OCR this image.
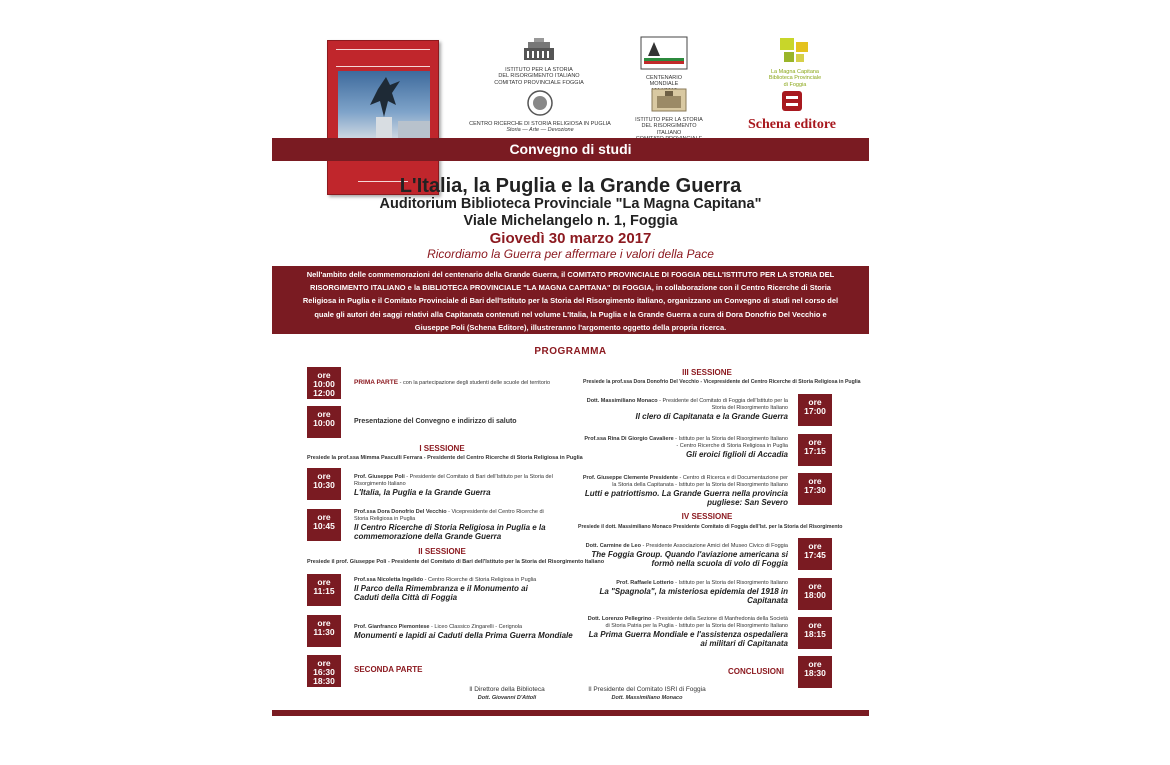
ISTITUTO PER LA STORIA
DEL RISORGIMENTO ITALIANO
COMITATO PROVINCIALE FOGGIA
CENTRO RICERCHE DI STORIA RELIGIOSA IN PUGLIA
Storia — Arte — Devozione
CENTENARIO
MONDIALE
ISTITUTO PER LA STORIA
DEL RISORGIMENTO ITALIANO
La Magna Capitana
Biblioteca Provinciale
di Foggia
Schena editore
Convegno di studi
L'Italia, la Puglia e la Grande Guerra
Auditorium Biblioteca Provinciale "La Magna Capitana"
Viale Michelangelo n. 1, Foggia
Giovedì 30 marzo 2017
Ricordiamo la Guerra per affermare i valori della Pace
Nell'ambito delle commemorazioni del centenario della Grande Guerra, il COMITATO PROVINCIALE DI FOGGIA DELL'ISTITUTO PER LA STORIA DEL RISORGIMENTO ITALIANO e la BIBLIOTECA PROVINCIALE "LA MAGNA CAPITANA" DI FOGGIA, in collaborazione con il Centro Ricerche di Storia Religiosa in Puglia e il Comitato Provinciale di Bari dell'Istituto per la Storia del Risorgimento italiano, organizzano un Convegno di studi nel corso del quale gli autori dei saggi relativi alla Capitanata contenuti nel volume L'Italia, la Puglia e la Grande Guerra a cura di Dora Donofrio Del Vecchio e Giuseppe Poli (Schena Editore), illustreranno l'argomento oggetto della propria ricerca.
PROGRAMMA
ore
10:00
12:00
PRIMA PARTE - con la partecipazione degli studenti delle scuole del territorio
ore
10:00	Presentazione del Convegno e indirizzo di saluto
I SESSIONE
Presiede la prof.ssa Mimma Pasculli Ferrara - Presidente del Centro Ricerche di Storia Religiosa in Puglia
ore
10:30
Prof. Giuseppe Poli - Presidente del Comitato di Bari dell'Istituto per la Storia del Risorgimento Italiano
L'Italia, la Puglia e la Grande Guerra
ore
10:45
Prof.ssa Dora Donofrio Del Vecchio - Vicepresidente del Centro Ricerche di Storia Religiosa in Puglia
Il Centro Ricerche di Storia Religiosa in Puglia e la commemorazione della Grande Guerra
II SESSIONE
Presiede il prof. Giuseppe Poli - Presidente del Comitato di Bari dell'Istituto per la Storia del Risorgimento Italiano
ore
11:15
Prof.ssa Nicoletta Ingelido - Centro Ricerche di Storia Religiosa in Puglia
Il Parco della Rimembranza e il Monumento ai Caduti della Città di Foggia
ore
11:30	Prof. Gianfranco Piemontese - Liceo Classico Zingarelli - Cerignola
Monumenti e lapidi ai Caduti della Prima Guerra Mondiale
ore
16:30
18:30
SECONDA PARTE
III SESSIONE
Presiede la prof.ssa Dora Donofrio Del Vecchio - Vicepresidente del Centro Ricerche di Storia Religiosa in Puglia
Dott. Massimiliano Monaco - Presidente del Comitato di Foggia dell'Istituto per la Storia del Risorgimento Italiano
Il clero di Capitanata e la Grande Guerra
ore
17:00
Prof.ssa Rina Di Giorgio Cavaliere - Istituto per la Storia del Risorgimento Italiano - Centro Ricerche di Storia Religiosa in Puglia
Gli eroici figlioli di Accadia
ore
17:15
Prof. Giuseppe Clemente Presidente - Centro di Ricerca e di Documentazione per la Storia della Capitanata - Istituto per la Storia del Risorgimento Italiano
Lutti e patriottismo. La Grande Guerra nella provincia pugliese: San Severo
ore
17:30
IV SESSIONE
Presiede il dott. Massimiliano Monaco Presidente Comitato di Foggia dell'Ist. per la Storia del Risorgimento
Dott. Carmine de Leo - Presidente Associazione Amici del Museo Civico di Foggia
The Foggia Group. Quando l'aviazione americana si formò nella scuola di volo di Foggia
ore
17:45
Prof. Raffaele Lotterio - Istituto per la Storia del Risorgimento Italiano
La "Spagnola", la misteriosa epidemia del 1918 in Capitanata
ore
18:00
Dott. Lorenzo Pellegrino - Presidente della Sezione di Manfredonia della Società di Storia Patria per la Puglia - Istituto per la Storia del Risorgimento Italiano
La Prima Guerra Mondiale e l'assistenza ospedaliera ai militari di Capitanata
ore
18:15
CONCLUSIONI
ore
18:30
Il Direttore della Biblioteca
Dott. Giovanni D'Attoli
Il Presidente del Comitato ISRI di Foggia
Dott. Massimiliano Monaco
